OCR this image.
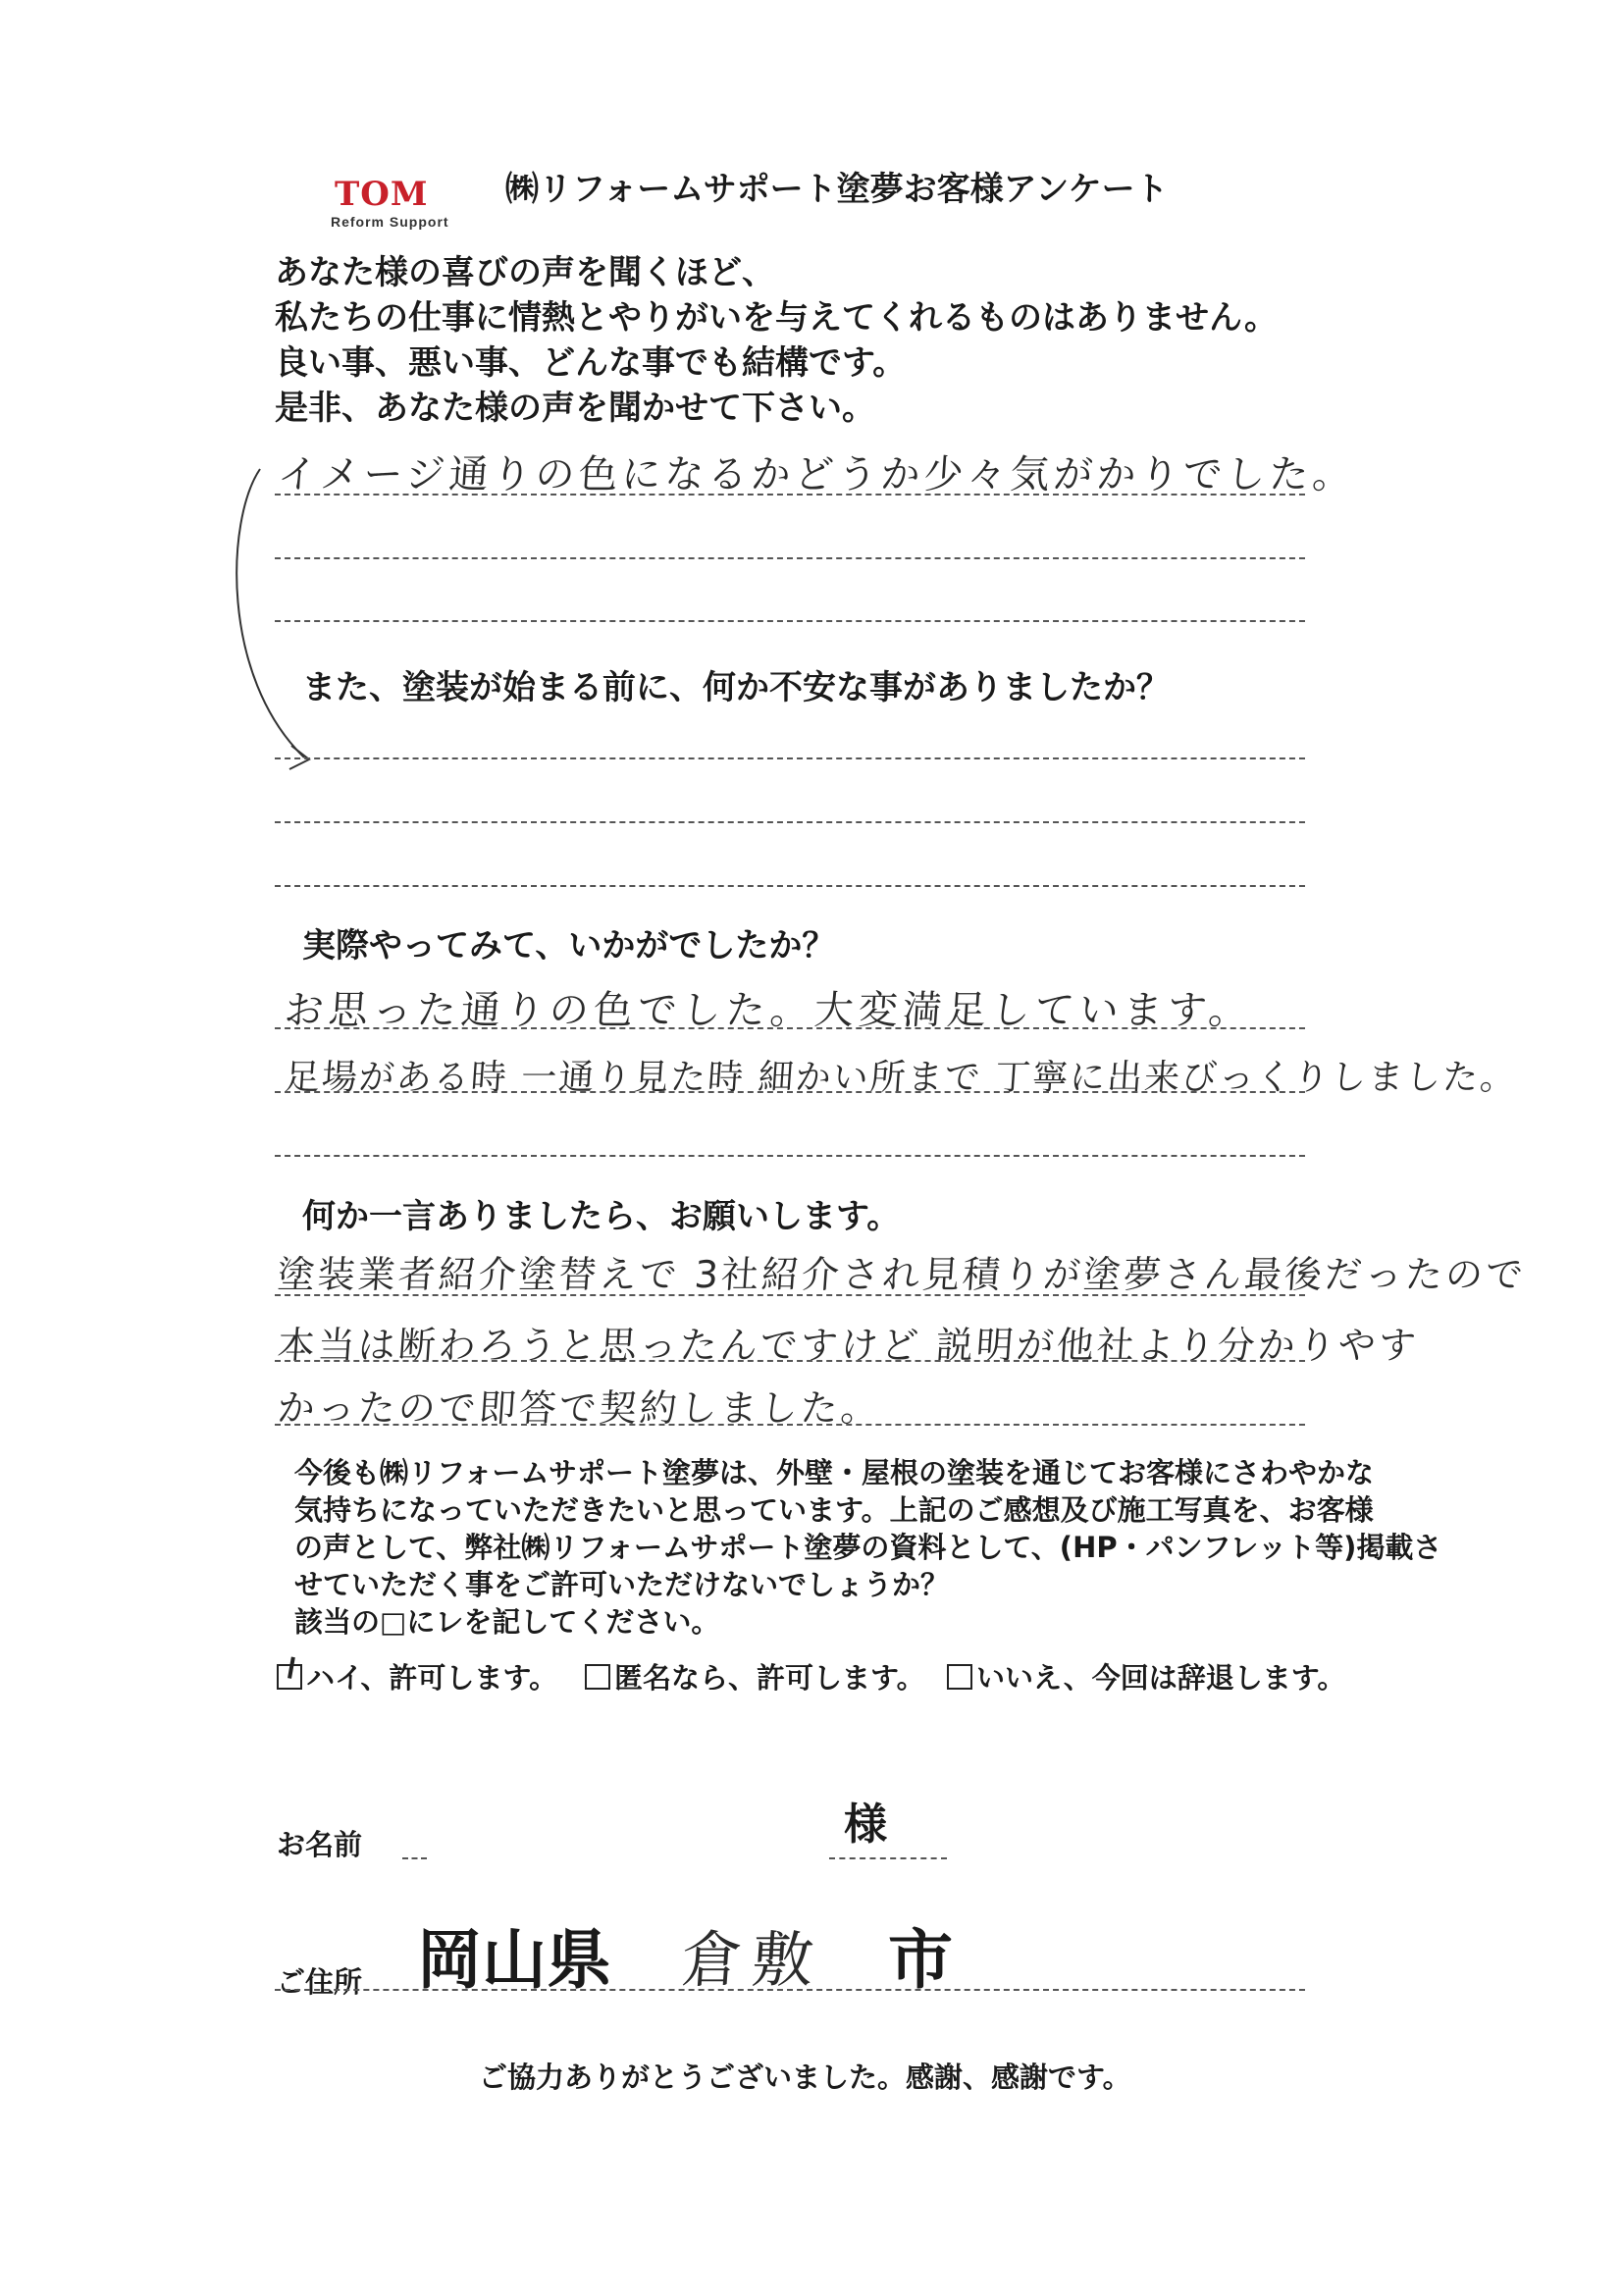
TOM
Reform Support
㈱リフォームサポート塗夢お客様アンケート
あなた様の喜びの声を聞くほど、
私たちの仕事に情熱とやりがいを与えてくれるものはありません。
良い事、悪い事、どんな事でも結構です。
是非、あなた様の声を聞かせて下さい。
イメージ通りの色になるかどうか少々気がかりでした。
また、塗装が始まる前に、何か不安な事がありましたか？
実際やってみて、いかがでしたか？
お思った通りの色でした。大変満足しています。
足場がある時 一通り見た時 細かい所まで 丁寧に出来びっくりしました。
何か一言ありましたら、お願いします。
塗装業者紹介塗替えで 3社紹介され見積りが塗夢さん最後だったので
本当は断わろうと思ったんですけど 説明が他社より分かりやす
かったので即答で契約しました。
今後も㈱リフォームサポート塗夢は、外壁・屋根の塗装を通じてお客様にさわやかな
気持ちになっていただきたいと思っています。上記のご感想及び施工写真を、お客様
の声として、弊社㈱リフォームサポート塗夢の資料として、(HP・パンフレット等)掲載さ
せていただく事をご許可いただけないでしょうか？
該当の□にレを記してください。
ハイ、許可します。	匿名なら、許可します。	いいえ、今回は辞退します。
お名前	様
ご住所 岡山県 倉敷 市
ご協力ありがとうございました。感謝、感謝です。
